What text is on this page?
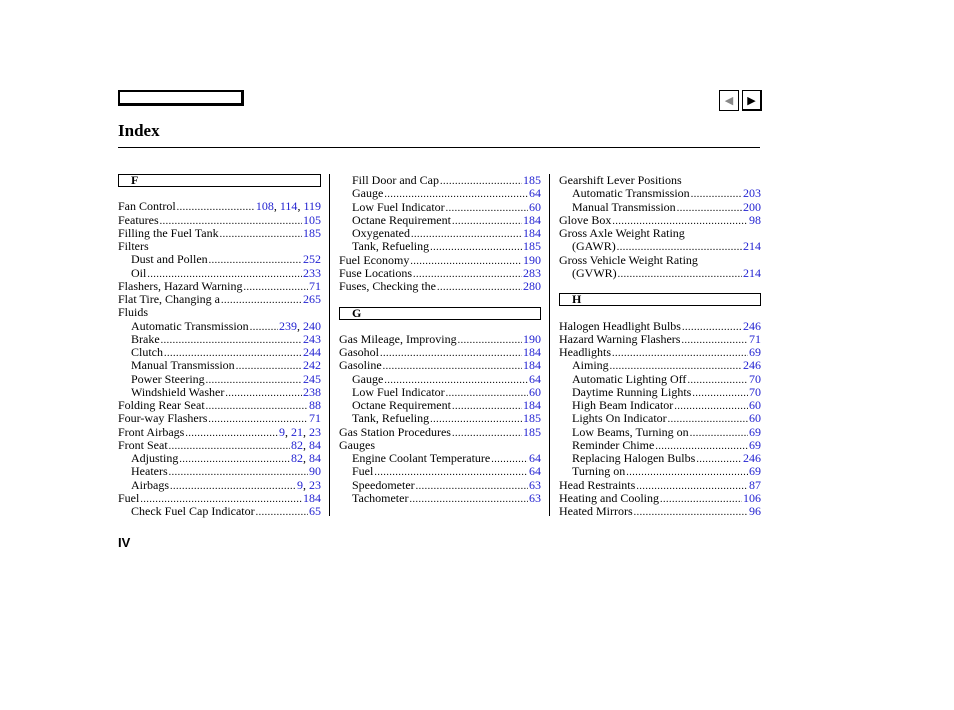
◀ ▶
Index
F
Fan Control .....	108, 114, 119
Features .....	105
Filling the Fuel Tank .....	185
Filters
Dust and Pollen .....	252
Oil .....	233
Flashers, Hazard Warning .....	71
Flat Tire, Changing a .....	265
Fluids
Automatic Transmission .....	239, 240
Brake .....	243
Clutch .....	244
Manual Transmission .....	242
Power Steering .....	245
Windshield Washer .....	238
Folding Rear Seat .....	88
Four-way Flashers .....	71
Front Airbags .....	9, 21, 23
Front Seat .....	82, 84
Adjusting .....	82, 84
Heaters .....	90
Airbags .....	9, 23
Fuel .....	184
Check Fuel Cap Indicator .....	65
Fill Door and Cap .....	185
Gauge .....	64
Low Fuel Indicator .....	60
Octane Requirement .....	184
Oxygenated .....	184
Tank, Refueling .....	185
Fuel Economy .....	190
Fuse Locations .....	283
Fuses, Checking the .....	280
G
Gas Mileage, Improving .....	190
Gasohol .....	184
Gasoline .....	184
Gauge .....	64
Low Fuel Indicator .....	60
Octane Requirement .....	184
Tank, Refueling .....	185
Gas Station Procedures .....	185
Gauges
Engine Coolant Temperature .....	64
Fuel .....	64
Speedometer .....	63
Tachometer .....	63
Gearshift Lever Positions
Automatic Transmission .....	203
Manual Transmission .....	200
Glove Box .....	98
Gross Axle Weight Rating
(GAWR) .....	214
Gross Vehicle Weight Rating
(GVWR) .....	214
H
Halogen Headlight Bulbs .....	246
Hazard Warning Flashers .....	71
Headlights .....	69
Aiming .....	246
Automatic Lighting Off .....	70
Daytime Running Lights .....	70
High Beam Indicator .....	60
Lights On Indicator .....	60
Low Beams, Turning on .....	69
Reminder Chime .....	69
Replacing Halogen Bulbs .....	246
Turning on .....	69
Head Restraints .....	87
Heating and Cooling .....	106
Heated Mirrors .....	96
IV
